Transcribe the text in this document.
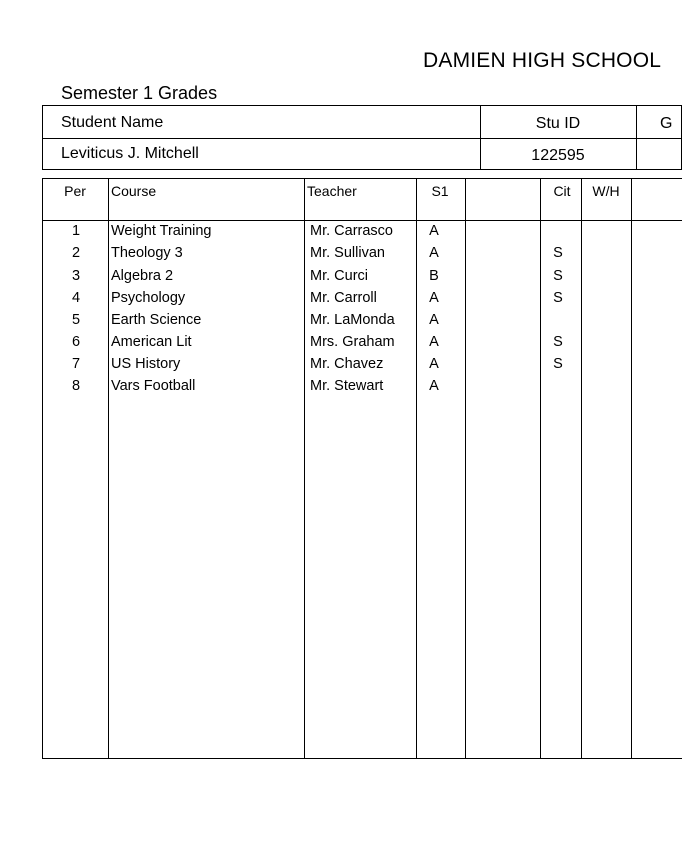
DAMIEN HIGH SCHOOL
Semester 1 Grades
Student Name	Stu ID	G
Leviticus J. Mitchell	122595
Per Course	Teacher	S1	Cit W/H
1 Weight Training	Mr. Carrasco A
2 Theology 3	Mr. Sullivan	A	S
3 Algebra 2	Mr. Curci	B	S
4 Psychology	Mr. Carroll	A	S
5 Earth Science	Mr. LaMonda A
6 American Lit	Mrs. Graham A	S
7 US History	Mr. Chavez	A	S
8 Vars Football	Mr. Stewart	A
